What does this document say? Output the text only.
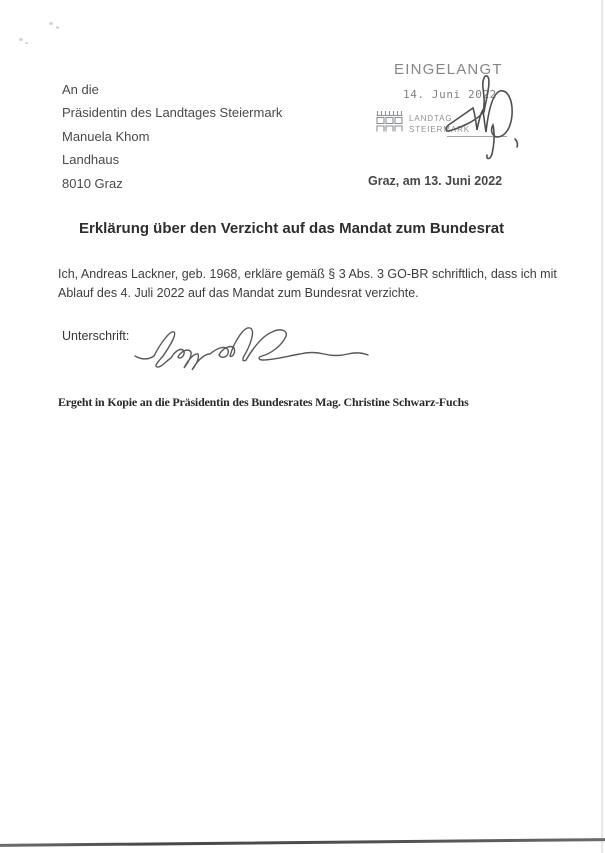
An die
Präsidentin des Landtages Steiermark
Manuela Khom
Landhaus
8010 Graz
EINGELANGT
14. Juni 2022
LANDTAG
STEIERMARK
Graz, am 13. Juni 2022
Erklärung über den Verzicht auf das Mandat zum Bundesrat
Ich, Andreas Lackner, geb. 1968, erkläre gemäß § 3 Abs. 3 GO-BR schriftlich, dass ich mit
Ablauf des 4. Juli 2022 auf das Mandat zum Bundesrat verzichte.
Unterschrift:
Ergeht in Kopie an die Präsidentin des Bundesrates Mag. Christine Schwarz-Fuchs
